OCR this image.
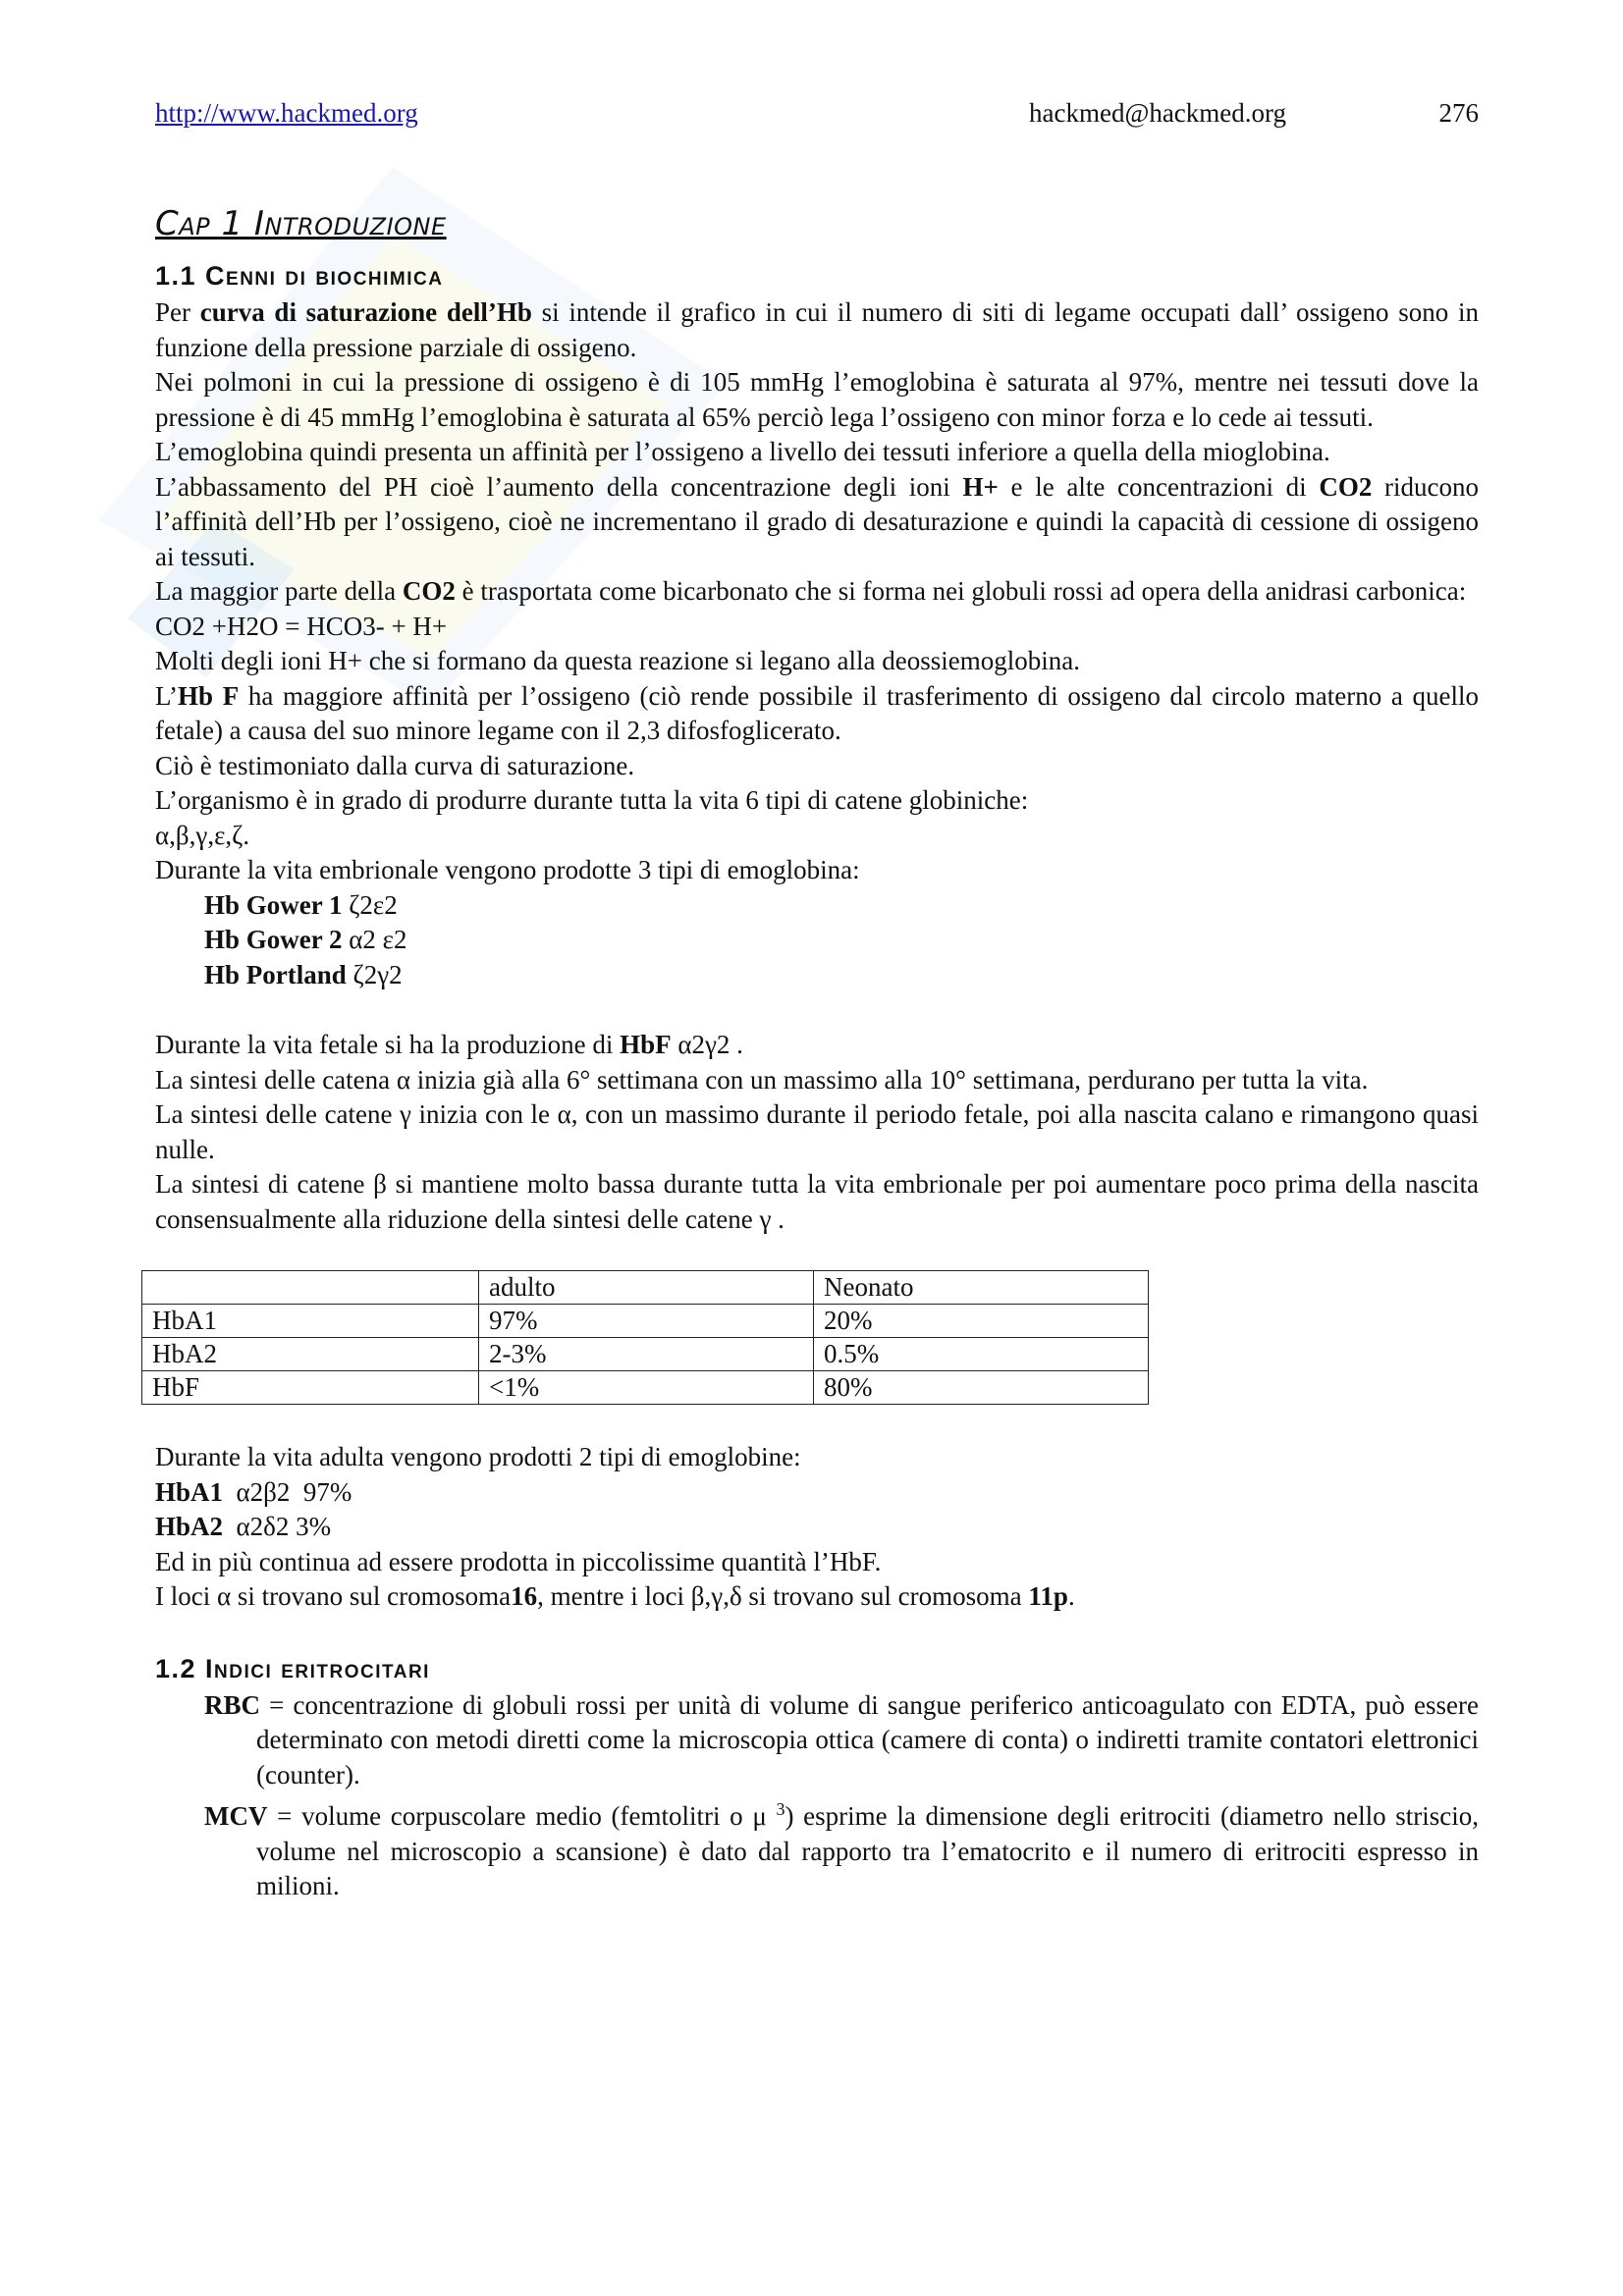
http://www.hackmed.org	hackmed@hackmed.org	276
Cap 1 Introduzione
1.1 Cenni di biochimica

Per curva di saturazione dell’Hb si intende il grafico in cui il numero di siti di legame occupati dall’ ossigeno sono in funzione della pressione parziale di ossigeno.

Nei polmoni in cui la pressione di ossigeno è di 105 mmHg l’emoglobina è saturata al 97%, mentre nei tessuti dove la pressione è di 45 mmHg l’emoglobina è saturata al 65% perciò lega l’ossigeno con minor forza e lo cede ai tessuti.

L’emoglobina quindi presenta un affinità per l’ossigeno a livello dei tessuti inferiore a quella della mioglobina.

L’abbassamento del PH cioè l’aumento della concentrazione degli ioni H+ e le alte concentrazioni di CO2 riducono l’affinità dell’Hb per l’ossigeno, cioè ne incrementano il grado di desaturazione e quindi la capacità di cessione di ossigeno ai tessuti.

La maggior parte della CO2 è trasportata come bicarbonato che si forma nei globuli rossi ad opera della anidrasi carbonica:

CO2 +H2O = HCO3- + H+

Molti degli ioni H+ che si formano da questa reazione si legano alla deossiemoglobina.

L’Hb F ha maggiore affinità per l’ossigeno (ciò rende possibile il trasferimento di ossigeno dal circolo materno a quello fetale) a causa del suo minore legame con il 2,3 difosfoglicerato.

Ciò è testimoniato dalla curva di saturazione.

L’organismo è in grado di produrre durante tutta la vita 6 tipi di catene globiniche:

α,β,γ,ε,ζ.

Durante la vita embrionale vengono prodotte 3 tipi di emoglobina:

Hb Gower 1 ζ2ε2

Hb Gower 2 α2 ε2

Hb Portland ζ2γ2

Durante la vita fetale si ha la produzione di HbF α2γ2 .

La sintesi delle catena α inizia già alla 6° settimana con un massimo alla 10° settimana, perdurano per tutta la vita.

La sintesi delle catene γ inizia con le α, con un massimo durante il periodo fetale, poi alla nascita calano e rimangono quasi nulle.

La sintesi di catene β si mantiene molto bassa durante tutta la vita embrionale per poi aumentare poco prima della nascita consensualmente alla riduzione della sintesi delle catene γ .

	adulto	Neonato
HbA1	97%	20%
HbA2	2-3%	0.5%
HbF	<1%	80%

Durante la vita adulta vengono prodotti 2 tipi di emoglobine:

HbA1  α2β2  97%

HbA2  α2δ2 3%

Ed in più continua ad essere prodotta in piccolissime quantità l’HbF.

I loci α si trovano sul cromosoma16, mentre i loci β,γ,δ si trovano sul cromosoma 11p.

1.2 Indici eritrocitari

RBC = concentrazione di globuli rossi per unità di volume di sangue periferico anticoagulato con EDTA, può essere determinato con metodi diretti come la microscopia ottica (camere di conta) o indiretti tramite contatori elettronici (counter).

MCV = volume corpuscolare medio (femtolitri o μ $^3$) esprime la dimensione degli eritrociti (diametro nello striscio, volume nel microscopio a scansione) è dato dal rapporto tra l’ematocrito e il numero di eritrociti espresso in milioni.
